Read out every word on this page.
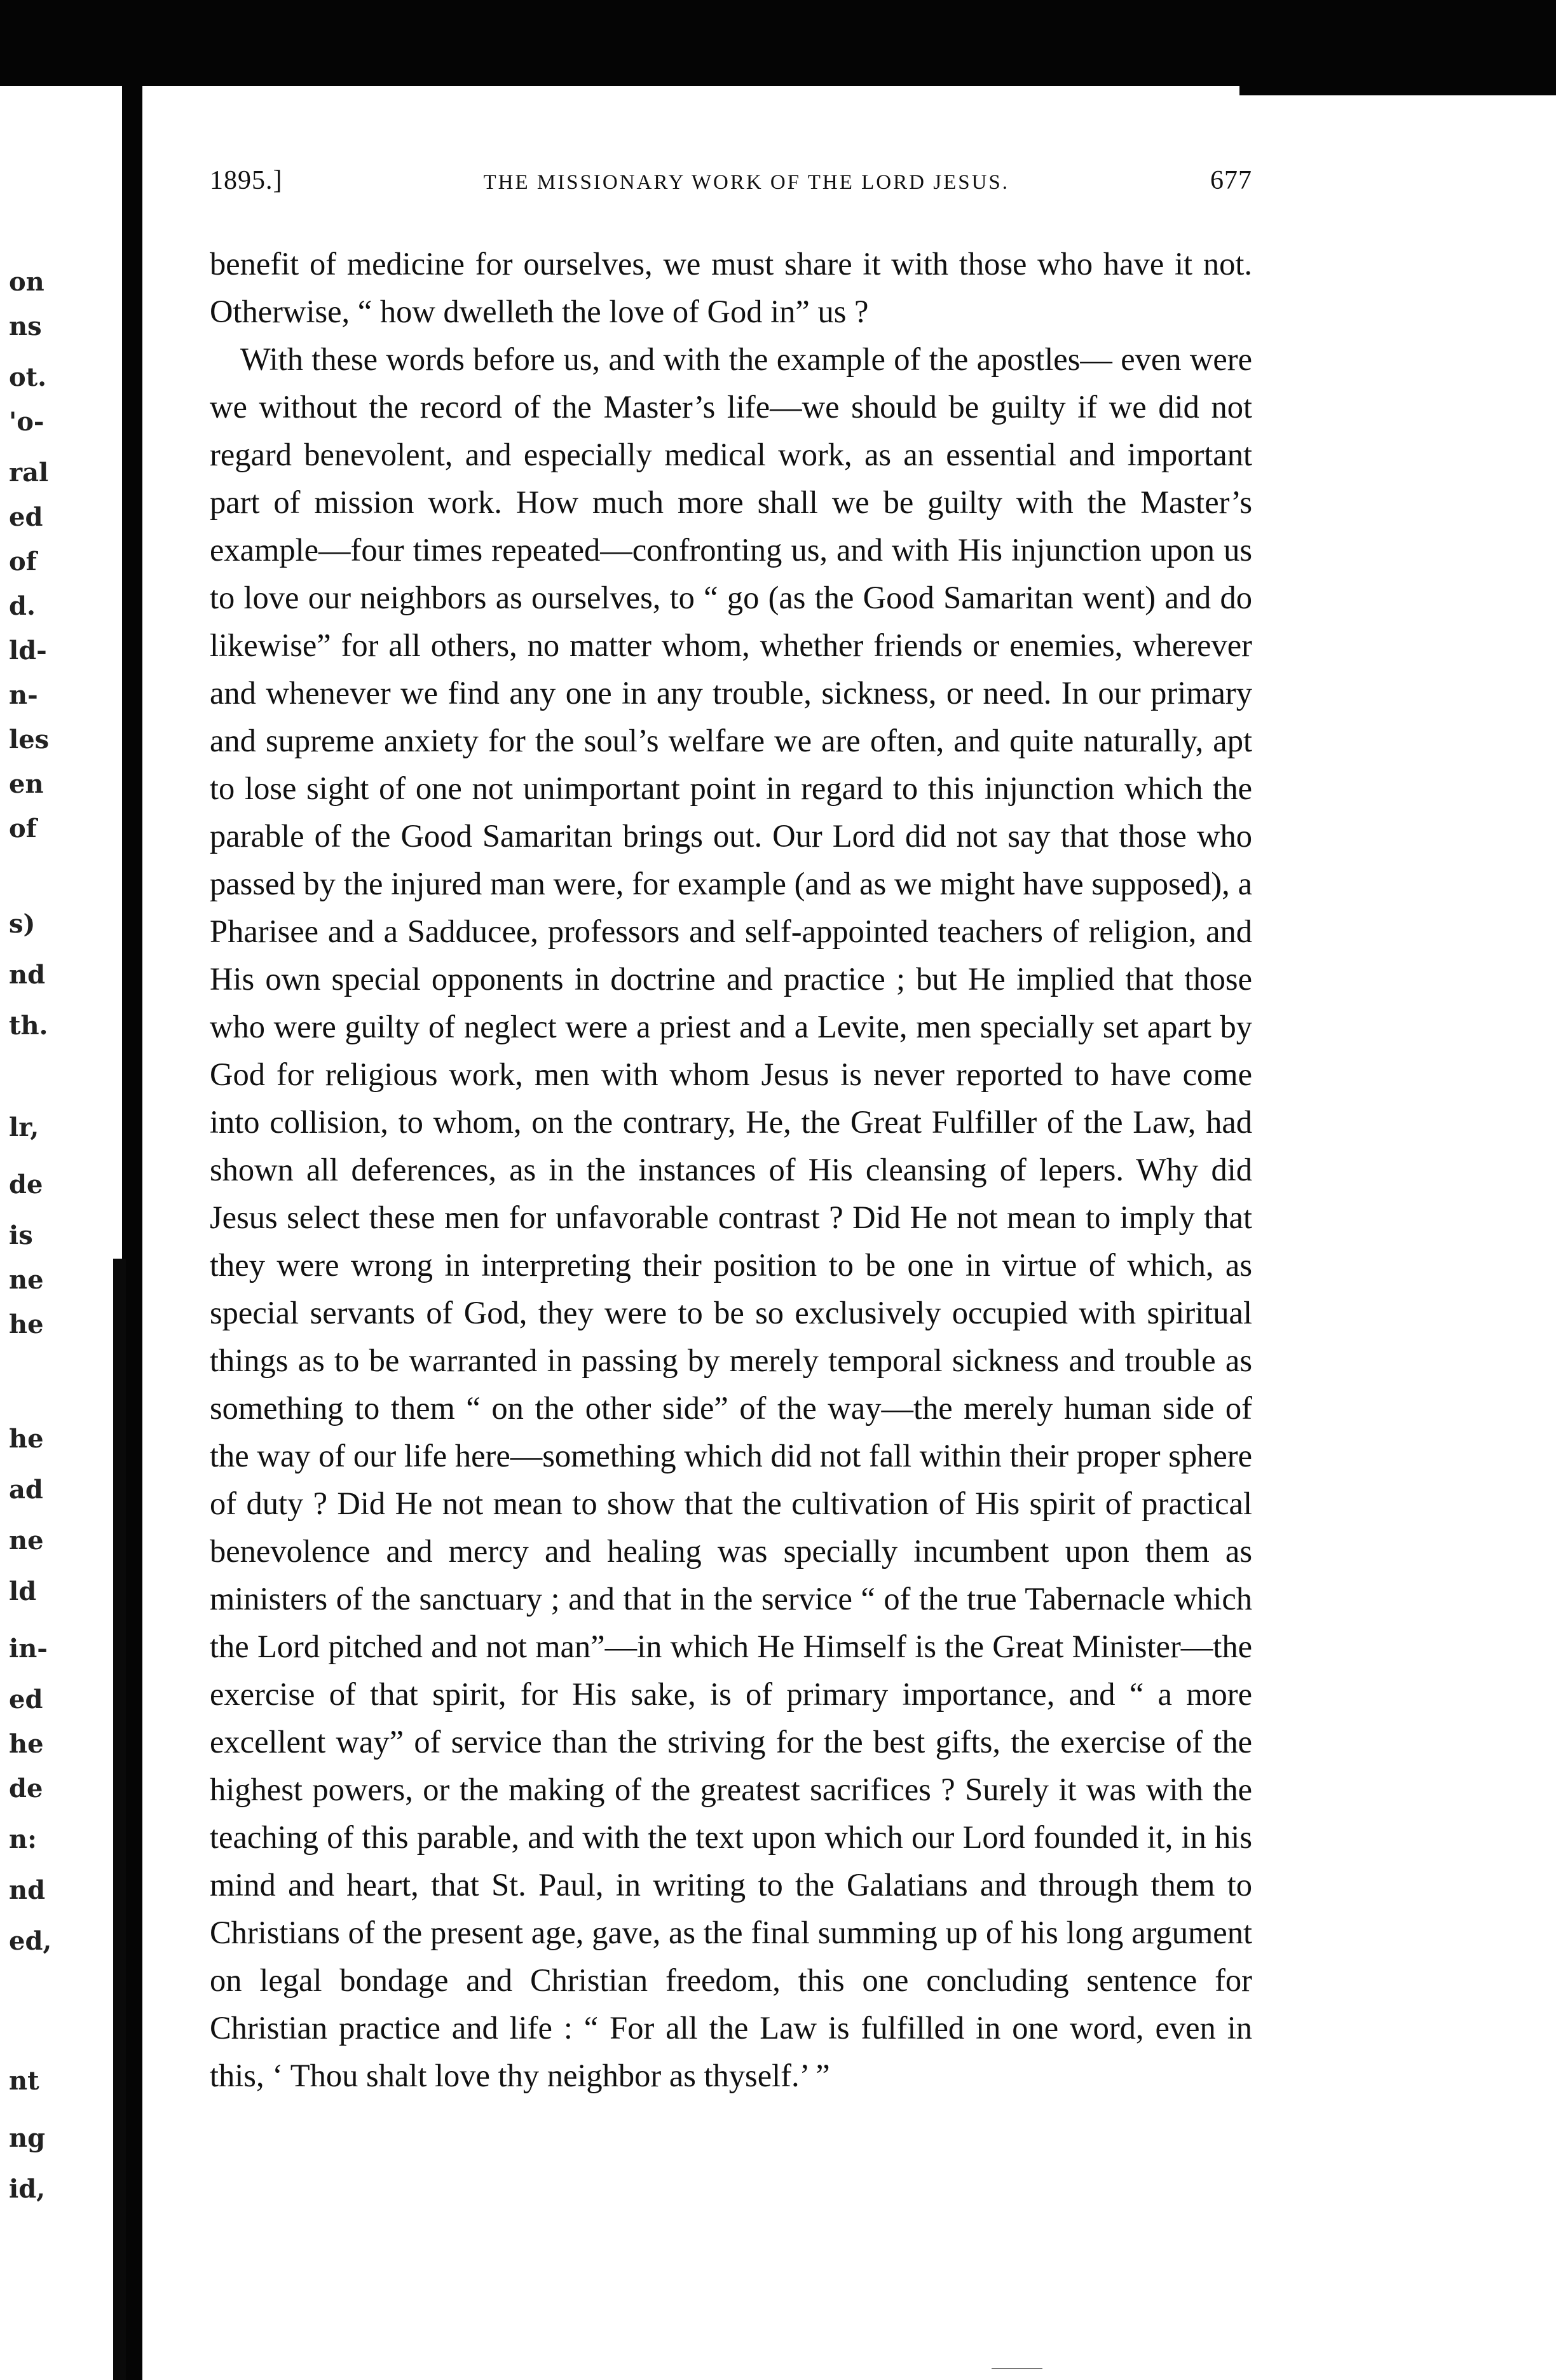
on
ns
ot.
'o-
ral
ed
of
d.
ld-
n-
les
en
of
s)
nd
th.
lr,
de
is
ne
he
he
ad
ne
ld
in-
ed
he
de
n:
nd
ed,
nt
ng
id,
1895.]	THE MISSIONARY WORK OF THE LORD JESUS.	677

benefit of medicine for ourselves, we must share it with those who have it not. Otherwise, “ how dwelleth the love of God in” us ?

With these words before us, and with the example of the apostles— even were we without the record of the Master’s life—we should be guilty if we did not regard benevolent, and especially medical work, as an essential and important part of mission work. How much more shall we be guilty with the Master’s example—four times repeated—confronting us, and with His injunction upon us to love our neighbors as ourselves, to “ go (as the Good Samaritan went) and do likewise” for all others, no matter whom, whether friends or enemies, wherever and whenever we find any one in any trouble, sickness, or need. In our primary and supreme anxiety for the soul’s welfare we are often, and quite naturally, apt to lose sight of one not unimportant point in regard to this injunction which the parable of the Good Samaritan brings out. Our Lord did not say that those who passed by the injured man were, for example (and as we might have supposed), a Pharisee and a Sadducee, professors and self-appointed teachers of religion, and His own special opponents in doctrine and practice ; but He implied that those who were guilty of neglect were a priest and a Levite, men specially set apart by God for religious work, men with whom Jesus is never reported to have come into collision, to whom, on the contrary, He, the Great Fulfiller of the Law, had shown all deferences, as in the instances of His cleansing of lepers. Why did Jesus select these men for unfavorable contrast ? Did He not mean to imply that they were wrong in interpreting their position to be one in virtue of which, as special servants of God, they were to be so exclusively occupied with spiritual things as to be warranted in passing by merely temporal sickness and trouble as something to them “ on the other side” of the way—the merely human side of the way of our life here—something which did not fall within their proper sphere of duty ? Did He not mean to show that the cultivation of His spirit of practical benevolence and mercy and healing was specially incumbent upon them as ministers of the sanctuary ; and that in the service “ of the true Tabernacle which the Lord pitched and not man”—in which He Himself is the Great Minister—the exercise of that spirit, for His sake, is of primary importance, and “ a more excellent way” of service than the striving for the best gifts, the exercise of the highest powers, or the making of the greatest sacrifices ? Surely it was with the teaching of this parable, and with the text upon which our Lord founded it, in his mind and heart, that St. Paul, in writing to the Galatians and through them to Christians of the present age, gave, as the final summing up of his long argument on legal bondage and Christian freedom, this one concluding sentence for Christian practice and life : “ For all the Law is fulfilled in one word, even in this, ‘ Thou shalt love thy neighbor as thyself.’ ”
